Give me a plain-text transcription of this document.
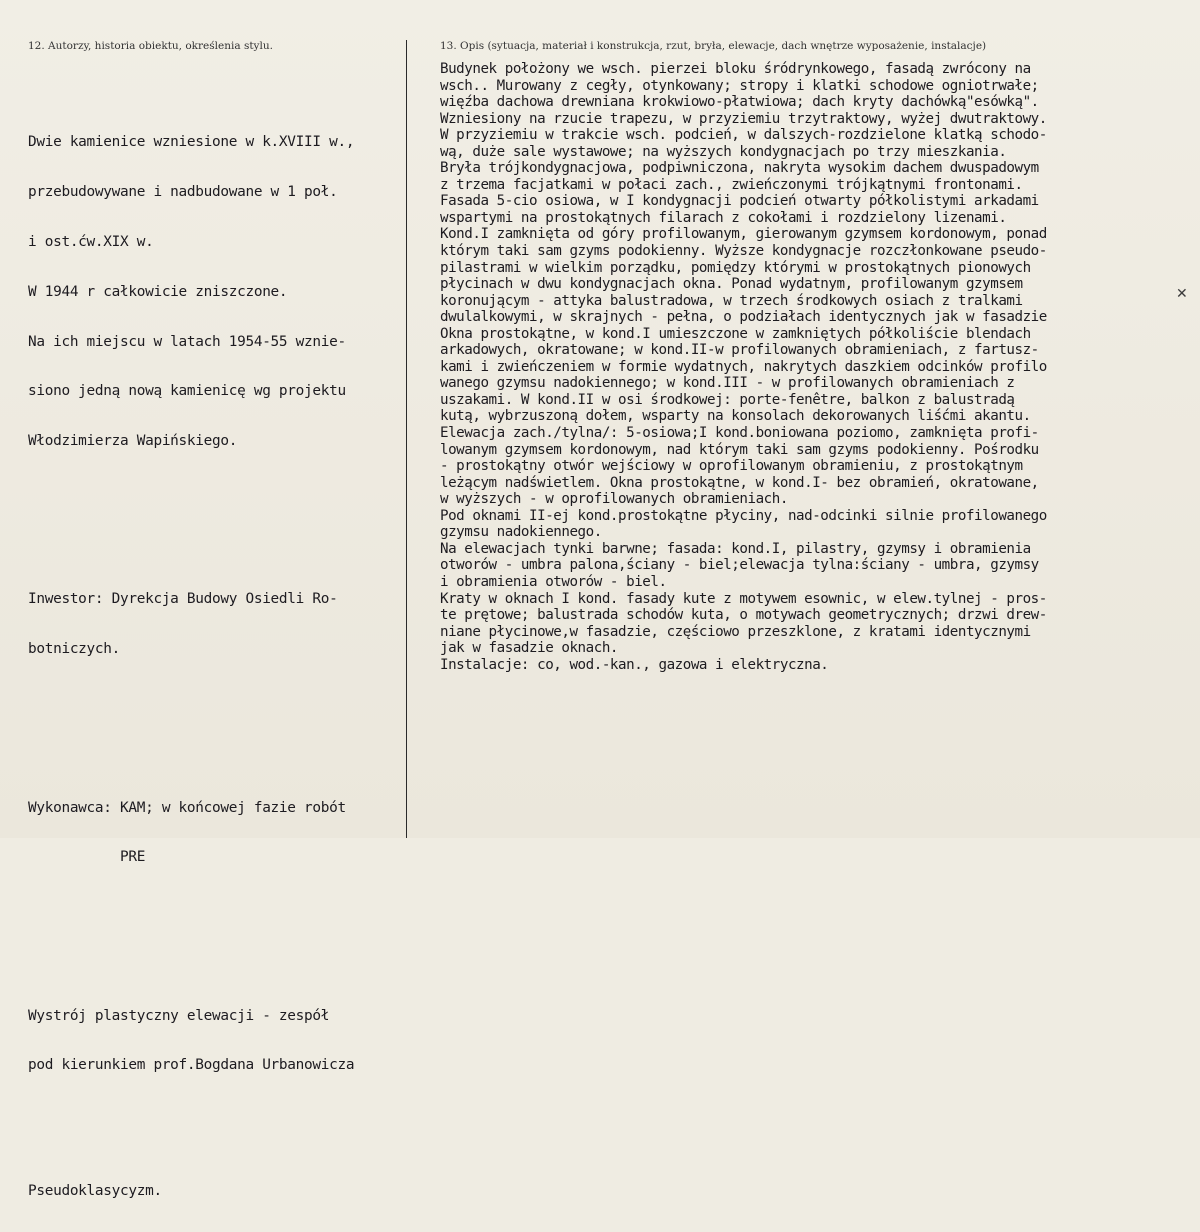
12. Autorzy, historia obiektu, określenia stylu.	13. Opis (sytuacja, materiał i konstrukcja, rzut, bryła, elewacje, dach wnętrze wyposażenie, instalacje)

Dwie kamienice wzniesione w k.XVIII w.,

przebudowywane i nadbudowane w 1 poł.

i ost.ćw.XIX w.

W 1944 r całkowicie zniszczone.

Na ich miejscu w latach 1954-55 wznie-

siono jedną nową kamienicę wg projektu

Włodzimierza Wapińskiego.

Inwestor: Dyrekcja Budowy Osiedli Ro-

botniczych.

Wykonawca: KAM; w końcowej fazie robót

PRE

Wystrój plastyczny elewacji - zespół

pod kierunkiem prof.Bogdana Urbanowicza

Pseudoklasycyzm.

Budynek położony we wsch. pierzei bloku śródrynkowego, fasadą zwrócony na

wsch.. Murowany z cegły, otynkowany; stropy i klatki schodowe ogniotrwałe;

więźba dachowa drewniana krokwiowo-płatwiowa; dach kryty dachówką"esówką".

Wzniesiony na rzucie trapezu, w przyziemiu trzytraktowy, wyżej dwutraktowy.

W przyziemiu w trakcie wsch. podcień, w dalszych-rozdzielone klatką schodo-

wą, duże sale wystawowe; na wyższych kondygnacjach po trzy mieszkania.

Bryła trójkondygnacjowa, podpiwniczona, nakryta wysokim dachem dwuspadowym

z trzema facjatkami w połaci zach., zwieńczonymi trójkątnymi frontonami.

Fasada 5-cio osiowa, w I kondygnacji podcień otwarty półkolistymi arkadami

wspartymi na prostokątnych filarach z cokołami i rozdzielony lizenami.

Kond.I zamknięta od góry profilowanym, gierowanym gzymsem kordonowym, ponad

którym taki sam gzyms podokienny. Wyższe kondygnacje rozczłonkowane pseudo-

pilastrami w wielkim porządku, pomiędzy którymi w prostokątnych pionowych

płycinach w dwu kondygnacjach okna. Ponad wydatnym, profilowanym gzymsem

koronującym - attyka balustradowa, w trzech środkowych osiach z tralkami

dwulalkowymi, w skrajnych - pełna, o podziałach identycznych jak w fasadzie

Okna prostokątne, w kond.I umieszczone w zamkniętych półkoliście blendach

arkadowych, okratowane; w kond.II-w profilowanych obramieniach, z fartusz-

kami i zwieńczeniem w formie wydatnych, nakrytych daszkiem odcinków profilo

wanego gzymsu nadokiennego; w kond.III - w profilowanych obramieniach z

uszakami. W kond.II w osi środkowej: porte-fenêtre, balkon z balustradą

kutą, wybrzuszoną dołem, wsparty na konsolach dekorowanych liśćmi akantu.

Elewacja zach./tylna/: 5-osiowa;I kond.boniowana poziomo, zamknięta profi-

lowanym gzymsem kordonowym, nad którym taki sam gzyms podokienny. Pośrodku

- prostokątny otwór wejściowy w oprofilowanym obramieniu, z prostokątnym

leżącym nadświetlem. Okna prostokątne, w kond.I- bez obramień, okratowane,

w wyższych - w oprofilowanych obramieniach.

Pod oknami II-ej kond.prostokątne płyciny, nad-odcinki silnie profilowanego

gzymsu nadokiennego.

Na elewacjach tynki barwne; fasada: kond.I, pilastry, gzymsy i obramienia

otworów - umbra palona,ściany - biel;elewacja tylna:ściany - umbra, gzymsy

i obramienia otworów - biel.

Kraty w oknach I kond. fasady kute z motywem esownic, w elew.tylnej - pros-

te prętowe; balustrada schodów kuta, o motywach geometrycznych; drzwi drew-

niane płycinowe,w fasadzie, częściowo przeszklone, z kratami identycznymi

jak w fasadzie oknach.

Instalacje: co, wod.-kan., gazowa i elektryczna.

✕
